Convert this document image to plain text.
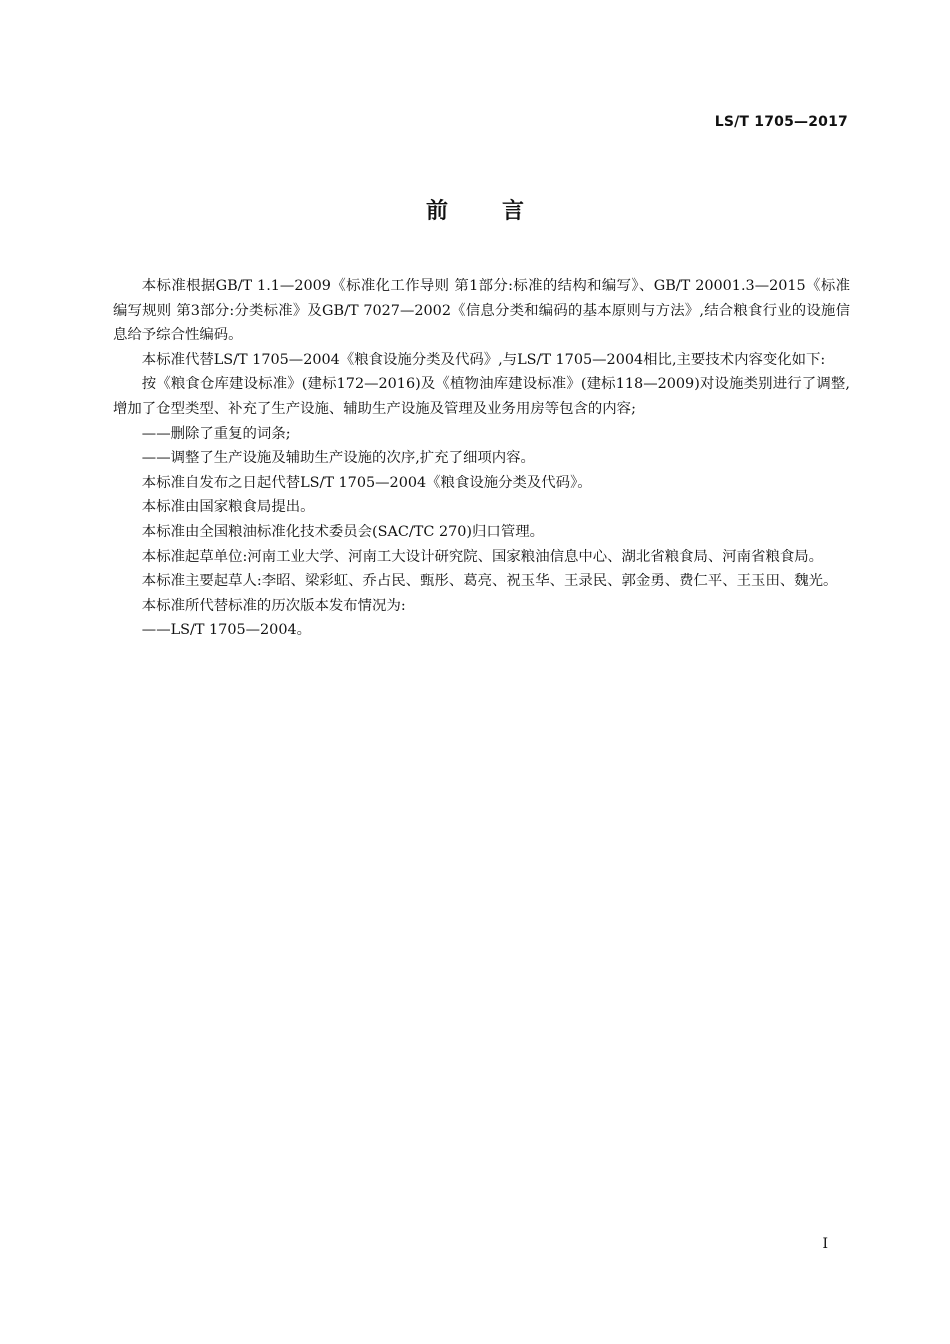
LS/T 1705—2017
前言

本标准根据GB/T 1.1—2009《标准化工作导则 第1部分:标准的结构和编写》、GB/T 20001.3—2015《标准编写规则 第3部分:分类标准》及GB/T 7027—2002《信息分类和编码的基本原则与方法》,结合粮食行业的设施信息给予综合性编码。

本标准代替LS/T 1705—2004《粮食设施分类及代码》,与LS/T 1705—2004相比,主要技术内容变化如下:

按《粮食仓库建设标准》(建标172—2016)及《植物油库建设标准》(建标118—2009)对设施类别进行了调整,增加了仓型类型、补充了生产设施、辅助生产设施及管理及业务用房等包含的内容;

——删除了重复的词条;

——调整了生产设施及辅助生产设施的次序,扩充了细项内容。

本标准自发布之日起代替LS/T 1705—2004《粮食设施分类及代码》。

本标准由国家粮食局提出。

本标准由全国粮油标准化技术委员会(SAC/TC 270)归口管理。

本标准起草单位:河南工业大学、河南工大设计研究院、国家粮油信息中心、湖北省粮食局、河南省粮食局。

本标准主要起草人:李昭、梁彩虹、乔占民、甄彤、葛亮、祝玉华、王录民、郭金勇、费仁平、王玉田、魏光。

本标准所代替标准的历次版本发布情况为:

——LS/T 1705—2004。

I
